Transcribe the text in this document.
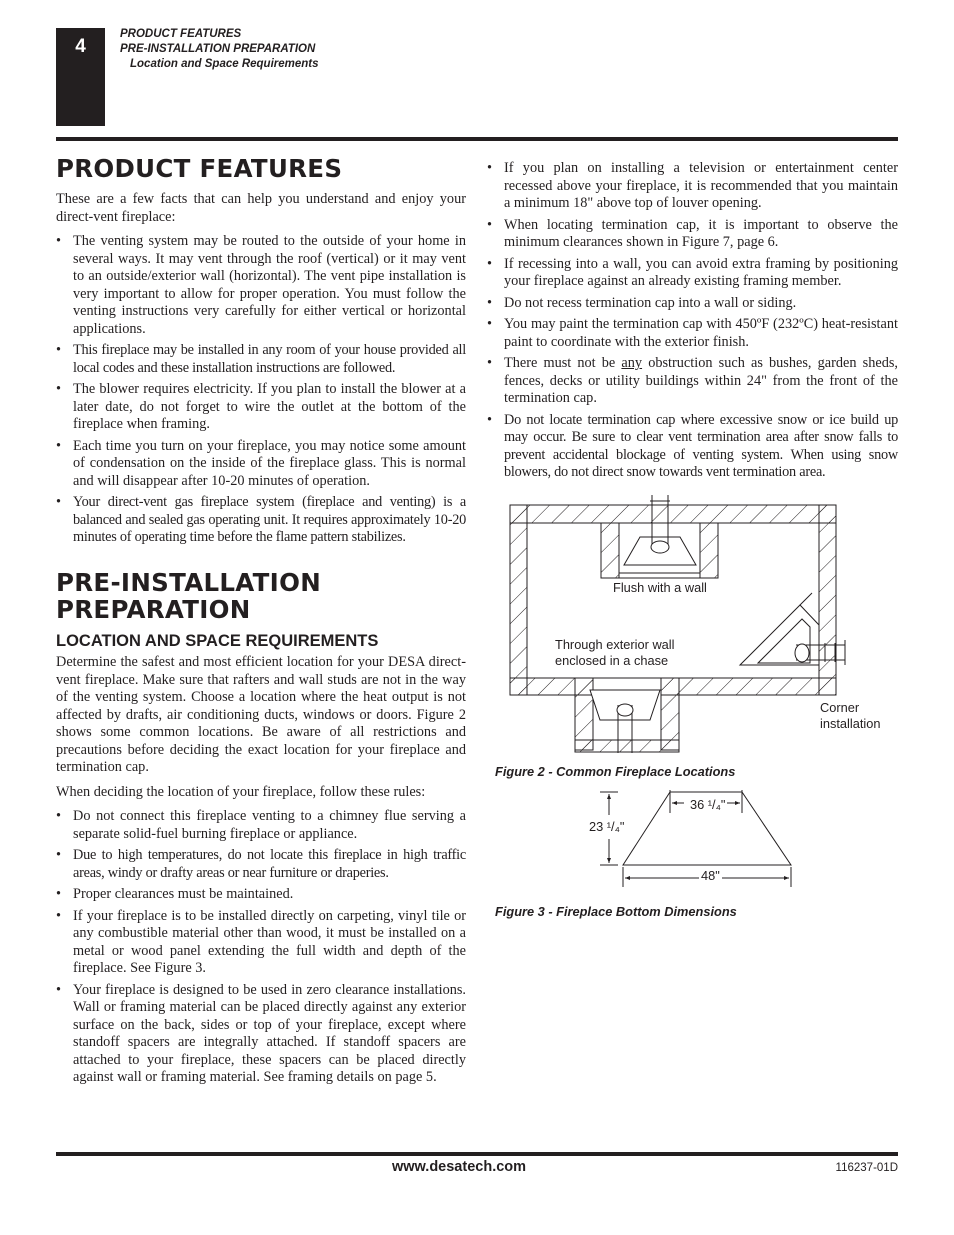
4
PRODUCT FEATURES
PRE-INSTALLATION PREPARATION
Location and Space Requirements
PRODUCT FEATURES

These are a few facts that can help you understand and enjoy your direct-vent fireplace:

• The venting system may be routed to the outside of your home in several ways. It may vent through the roof (vertical) or it may vent to an outside/exterior wall (horizontal). The vent pipe installation is very important to allow for proper operation. You must follow the venting instructions very carefully for either vertical or horizontal applications.
• This fireplace may be installed in any room of your house provided all local codes and these installation instructions are followed.
• The blower requires electricity. If you plan to install the blower at a later date, do not forget to wire the outlet at the bottom of the fireplace when framing.
• Each time you turn on your fireplace, you may notice some amount of condensation on the inside of the fireplace glass. This is normal and will disappear after 10-20 minutes of operation.
• Your direct-vent gas fireplace system (fireplace and venting) is a balanced and sealed gas operating unit. It requires approximately 10-20 minutes of operating time before the flame pattern stabilizes.
PRE-INSTALLATION
PREPARATION
LOCATION AND SPACE REQUIREMENTS

Determine the safest and most efficient location for your DESA direct-vent fireplace. Make sure that rafters and wall studs are not in the way of the venting system. Choose a location where the heat output is not affected by drafts, air conditioning ducts, windows or doors. Figure 2 shows some common locations. Be aware of all restrictions and precautions before deciding the exact location for your fireplace and termination cap.

When deciding the location of your fireplace, follow these rules:

• Do not connect this fireplace venting to a chimney flue serving a separate solid-fuel burning fireplace or appliance.
• Due to high temperatures, do not locate this fireplace in high traffic areas, windy or drafty areas or near furniture or draperies.
• Proper clearances must be maintained.
• If your fireplace is to be installed directly on carpeting, vinyl tile or any combustible material other than wood, it must be installed on a metal or wood panel extending the full width and depth of the fireplace. See Figure 3.
• Your fireplace is designed to be used in zero clearance installations. Wall or framing material can be placed directly against any exterior surface on the back, sides or top of your fireplace, except where standoff spacers are integrally attached. If standoff spacers are attached to your fireplace, these spacers can be placed directly against wall or framing material. See framing details on page 5.
• If you plan on installing a television or entertainment center recessed above your fireplace, it is recommended that you maintain a minimum 18" above top of louver opening.
• When locating termination cap, it is important to observe the minimum clearances shown in Figure 7, page 6.
• If recessing into a wall, you can avoid extra framing by positioning your fireplace against an already existing framing member.
• Do not recess termination cap into a wall or siding.
• You may paint the termination cap with 450ºF (232ºC) heat-resistant paint to coordinate with the exterior finish.
• There must not be any obstruction such as bushes, garden sheds, fences, decks or utility buildings within 24" from the front of the termination cap.
• Do not locate termination cap where excessive snow or ice build up may occur. Be sure to clear vent termination area after snow falls to prevent accidental blockage of venting system. When using snow blowers, do not direct snow towards vent termination area.
Flush with a wall
Through exterior wall
enclosed in a chase
Corner
installation
Figure 2 - Common Fireplace Locations
36 ¹/₄"
23 ¹/₄"
48"
Figure 3 - Fireplace Bottom Dimensions
www.desatech.com	116237-01D
